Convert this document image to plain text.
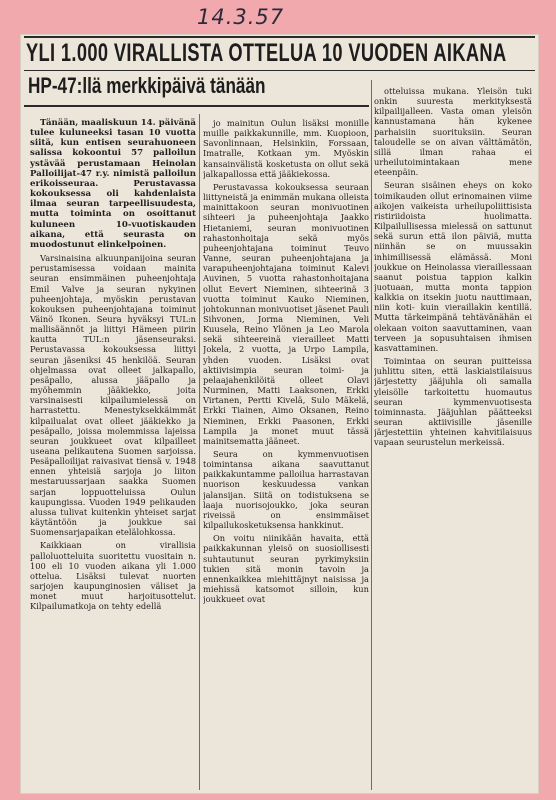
YLI 1.000 VIRALLISTA OTTELUA 10 VUODEN AIKANA
HP-47:llä merkkipäivä tänään

Tänään, maaliskuun 14. päivänä tulee kuluneeksi tasan 10 vuotta siitä, kun entisen seurahuoneen salissa kokoontui 57 palloilun ystävää perustamaan Heinolan Palloilijat-47 r.y. nimistä palloilun erikoisseuraa. Perustavassa kokouksessa oli kahdenlaista ilmaa seuran tarpeellisuudesta, mutta toiminta on osoittanut kuluneen 10-vuotiskauden aikana, että seurasta on muodostunut elinkelpoinen.

Varsinaisina alkuunpanijoina seuran perustamisessa voidaan mainita seuran ensimmäinen puheenjohtaja Emil Valve ja seuran nykyinen puheenjohtaja, myöskin perustavan kokouksen puheenjohtajana toiminut Väinö Ikonen. Seura hyväksyi TUL:n mallisäännöt ja liittyi Hämeen piirin kautta TUL:n jäsenseuraksi. Perustavassa kokouksessa liittyi seuran jäseniksi 45 henkilöä. Seuran ohjelmassa ovat olleet jalkapallo, pesäpallo, alussa jääpallo ja myöhemmin jääkiekko, joita varsinaisesti kilpailumielessä on harrastettu. Menestyksekkäimmät kilpailualat ovat olleet jääkiekko ja pesäpallo, joissa molemmissa lajeissa seuran joukkueet ovat kilpailleet useana pelikautena Suomen sarjoissa. Pesäpalloilijat raivasivat tiensä v. 1948 ennen yhteisiä sarjoja jo liiton mestaruussarjaan saakka Suomen sarjan loppuotteluissa Oulun kaupungissa. Vuoden 1949 pelikauden alussa tulivat kuitenkin yhteiset sarjat käytäntöön ja joukkue sai Suomensarjapaikan etelälohkossa.

Kaikkiaan on virallisia palloluotteluita suoritettu vuositain n. 100 eli 10 vuoden aikana yli 1.000 ottelua. Lisäksi tulevat nuorten sarjojen kaupunginosien väliset ja monet muut harjoitusottelut. Kilpailumatkoja on tehty edellä

jo mainitun Oulun lisäksi moniille muille paikkakunnille, mm. Kuopioon, Savonlinnaan, Helsinkiin, Forssaan, Imatralle, Kotkaan ym. Myöskin kansainvälistä kosketusta on ollut sekä jalkapallossa että jääkiekossa.

Perustavassa kokouksessa seuraan liittyneistä ja enimmän mukana olleista mainittakoon seuran monivuotinen sihteeri ja puheenjohtaja Jaakko Hietaniemi, seuran monivuotinen rahastonhoitaja sekä myös puheenjohtajana toiminut Teuvo Vanne, seuran puheenjohtajana ja varapuheenjohtajana toiminut Kalevi Auvinen, 5 vuotta rahastonhoitajana ollut Eevert Nieminen, sihteerinä 3 vuotta toiminut Kauko Nieminen, johtokunnan monivuotiset jäsenet Pauli Sihvonen, Jorma Nieminen, Veli Kuusela, Reino Ylönen ja Leo Marola sekä sihteereinä vierailleet Matti Jokela, 2 vuotta, ja Urpo Lampila, yhden vuoden. Lisäksi ovat aktiivisimpia seuran toimi- ja pelaajahenkilöitä olleet Olavi Nurminen, Matti Laaksonen, Erkki Virtanen, Pertti Kivelä, Sulo Mäkelä, Erkki Tiainen, Aimo Oksanen, Reino Nieminen, Erkki Paasonen, Erkki Lampila ja monet muut tässä mainitsematta jääneet.

Seura on kymmenvuotisen toimintansa aikana saavuttanut paikkakuntamme palloilua harrastavan nuorison keskuudessa vankan jalansijan. Siitä on todistuksena se laaja nuorisojoukko, joka seuran riveissä on ensimmäiset kilpailukosketuksensa hankkinut.

On voitu niinikään havaita, että paikkakunnan yleisö on suosiollisesti suhtautunut seuran pyrkimyksiin tukien sitä monin tavoin ja ennenkaikkea miehittäjnyt naisissa ja miehissä katsomot silloin, kun joukkueet ovat

otteluissa mukana. Yleisön tuki onkin suuresta merkityksestä kilpailijalleen. Vasta oman yleisön kannustamana hän kykenee parhaisiin suorituksiin. Seuran taloudelle se on aivan välttämätön, sillä ilman rahaa ei urheilutoimintakaan mene eteenpäin.

Seuran sisäinen eheys on koko toimikauden ollut erinomainen viime aikojen vaikeista urheilupoliittisista ristiriidoista huolimatta. Kilpailullisessa mielessä on sattunut sekä surun että ilon päiviä, mutta niinhän se on muussakin inhimillisessä elämässä. Moni joukkue on Heinolassa vieraillessaan saanut poistua tappion kalkin juotuaan, mutta monta tappion kalkkia on itsekin juotu nauttimaan, niin koti- kuin vieraillakin kentillä. Mutta tärkeimpänä tehtävänähän ei olekaan voiton saavuttaminen, vaan terveen ja sopusuhtaisen ihmisen kasvattaminen.

Toimintaa on seuran puitteissa juhlittu siten, että laskiaistilaisuus järjestetty jääjuhla oli samalla yleisölle tarkoitettu huomautus seuran kymmenvuotisesta toiminnasta. Jääjuhlan päätteeksi seuran aktiivisille jäsenille järjestettiin yhteinen kahvitilaisuus vapaan seurustelun merkeissä.

14.3.57
